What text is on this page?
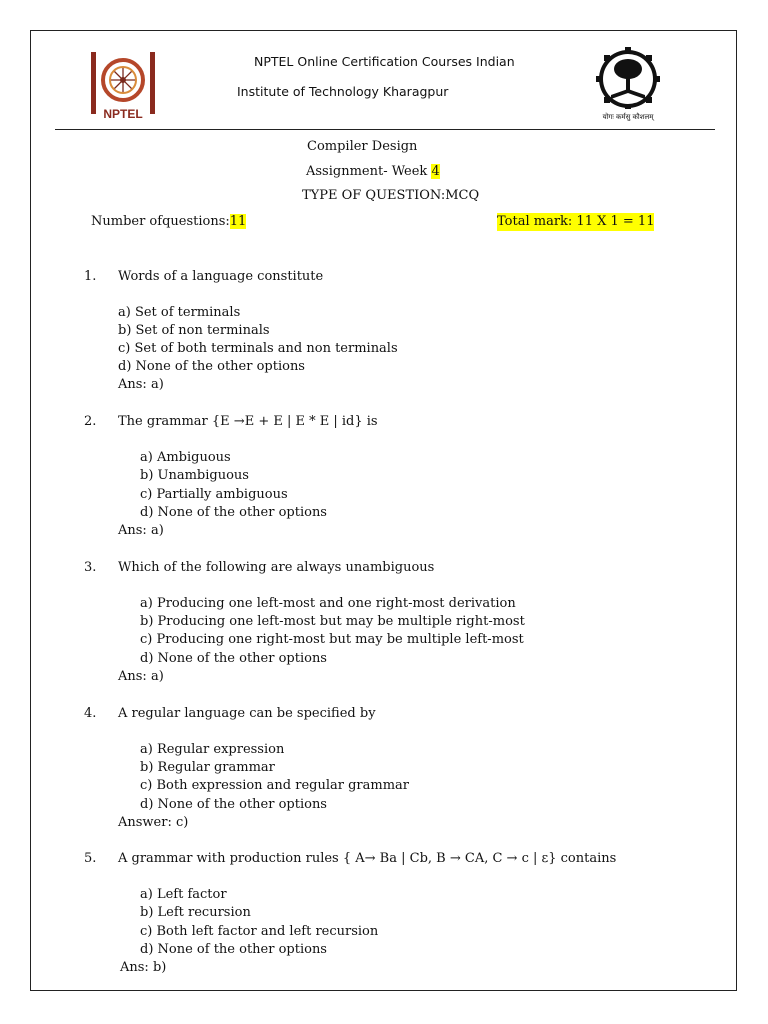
NPTEL
NPTEL Online Certification Courses Indian
Institute of Technology Kharagpur
योगः कर्मसु कौशलम्
Compiler Design
Assignment- Week 4
TYPE OF QUESTION:MCQ
Number ofquestions:11	Total mark: 11 X 1 = 11
1. Words of a language constitute
a) Set of terminals
b) Set of non terminals
c) Set of both terminals and non terminals
d) None of the other options
Ans: a)
2. The grammar {E →E + E | E * E | id} is
a) Ambiguous
b) Unambiguous
c) Partially ambiguous
d) None of the other options
Ans: a)
3. Which of the following are always unambiguous
a) Producing one left-most and one right-most derivation
b) Producing one left-most but may be multiple right-most
c) Producing one right-most but may be multiple left-most
d) None of the other options
Ans: a)
4. A regular language can be specified by
a) Regular expression
b) Regular grammar
c) Both expression and regular grammar
d) None of the other options
Answer: c)
5. A grammar with production rules { A→ Ba | Cb, B → CA, C → c | ε} contains
a) Left factor
b) Left recursion
c) Both left factor and left recursion
d) None of the other options
Ans: b)
